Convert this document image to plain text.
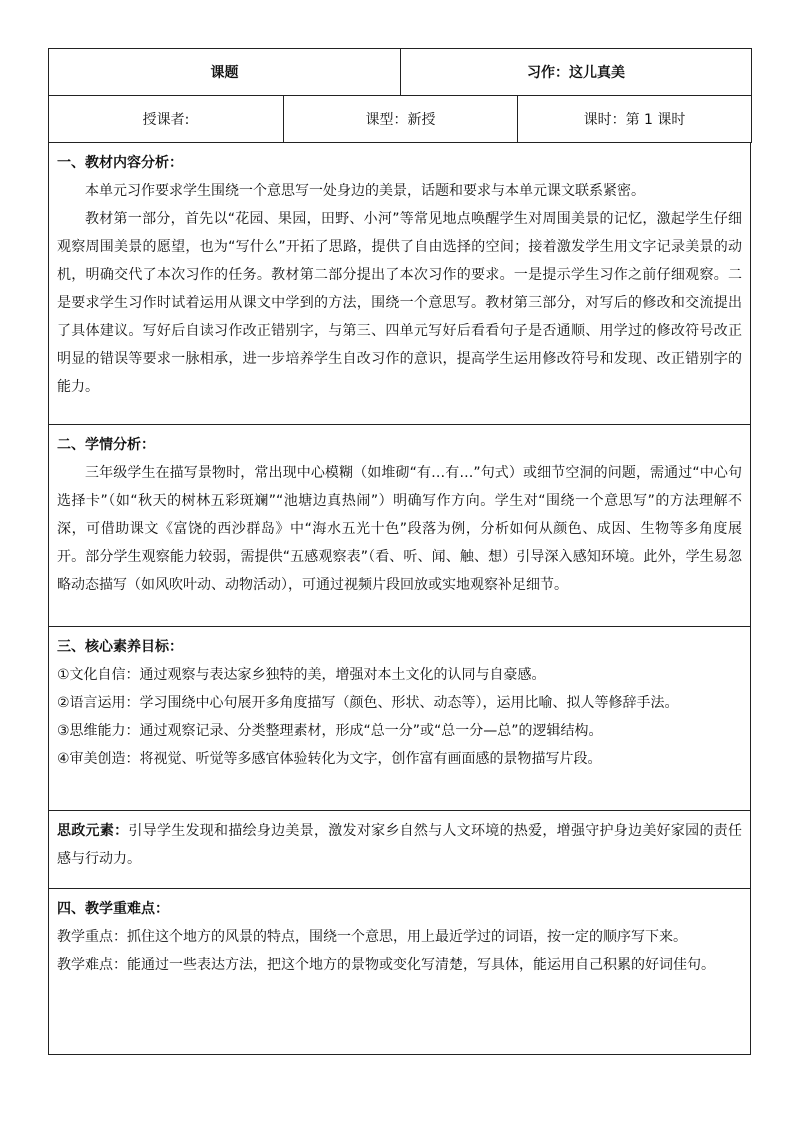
课题		习作：这儿真美	
授课者:	课型：新授		课时：第 1 课时

一、教材内容分析：

本单元习作要求学生围绕一个意思写一处身边的美景，话题和要求与本单元课文联系紧密。

教材第一部分，首先以“花园、果园，田野、小河”等常见地点唤醒学生对周围美景的记忆，激起学生仔细观察周围美景的愿望，也为“写什么”开拓了思路，提供了自由选择的空间；接着激发学生用文字记录美景的动机，明确交代了本次习作的任务。教材第二部分提出了本次习作的要求。一是提示学生习作之前仔细观察。二是要求学生习作时试着运用从课文中学到的方法，围绕一个意思写。教材第三部分，对写后的修改和交流提出了具体建议。写好后自读习作改正错别字，与第三、四单元写好后看看句子是否通顺、用学过的修改符号改正明显的错误等要求一脉相承，进一步培养学生自改习作的意识，提高学生运用修改符号和发现、改正错别字的能力。

二、学情分析：

三年级学生在描写景物时，常出现中心模糊（如堆砌“有…有…”句式）或细节空洞的问题，需通过“中心句选择卡”（如“秋天的树林五彩斑斓”“池塘边真热闹”）明确写作方向。学生对“围绕一个意思写”的方法理解不深，可借助课文《富饶的西沙群岛》中“海水五光十色”段落为例，分析如何从颜色、成因、生物等多角度展开。部分学生观察能力较弱，需提供“五感观察表”（看、听、闻、触、想）引导深入感知环境。此外，学生易忽略动态描写（如风吹叶动、动物活动），可通过视频片段回放或实地观察补足细节。

三、核心素养目标：

①文化自信：通过观察与表达家乡独特的美，增强对本土文化的认同与自豪感。

②语言运用：学习围绕中心句展开多角度描写（颜色、形状、动态等），运用比喻、拟人等修辞手法。

③思维能力：通过观察记录、分类整理素材，形成“总一分”或“总一分—总”的逻辑结构。

④审美创造：将视觉、听觉等多感官体验转化为文字，创作富有画面感的景物描写片段。

思政元素：引导学生发现和描绘身边美景，激发对家乡自然与人文环境的热爱，增强守护身边美好家园的责任感与行动力。

四、教学重难点：

教学重点：抓住这个地方的风景的特点，围绕一个意思，用上最近学过的词语，按一定的顺序写下来。

教学难点：能通过一些表达方法，把这个地方的景物或变化写清楚，写具体，能运用自己积累的好词佳句。
